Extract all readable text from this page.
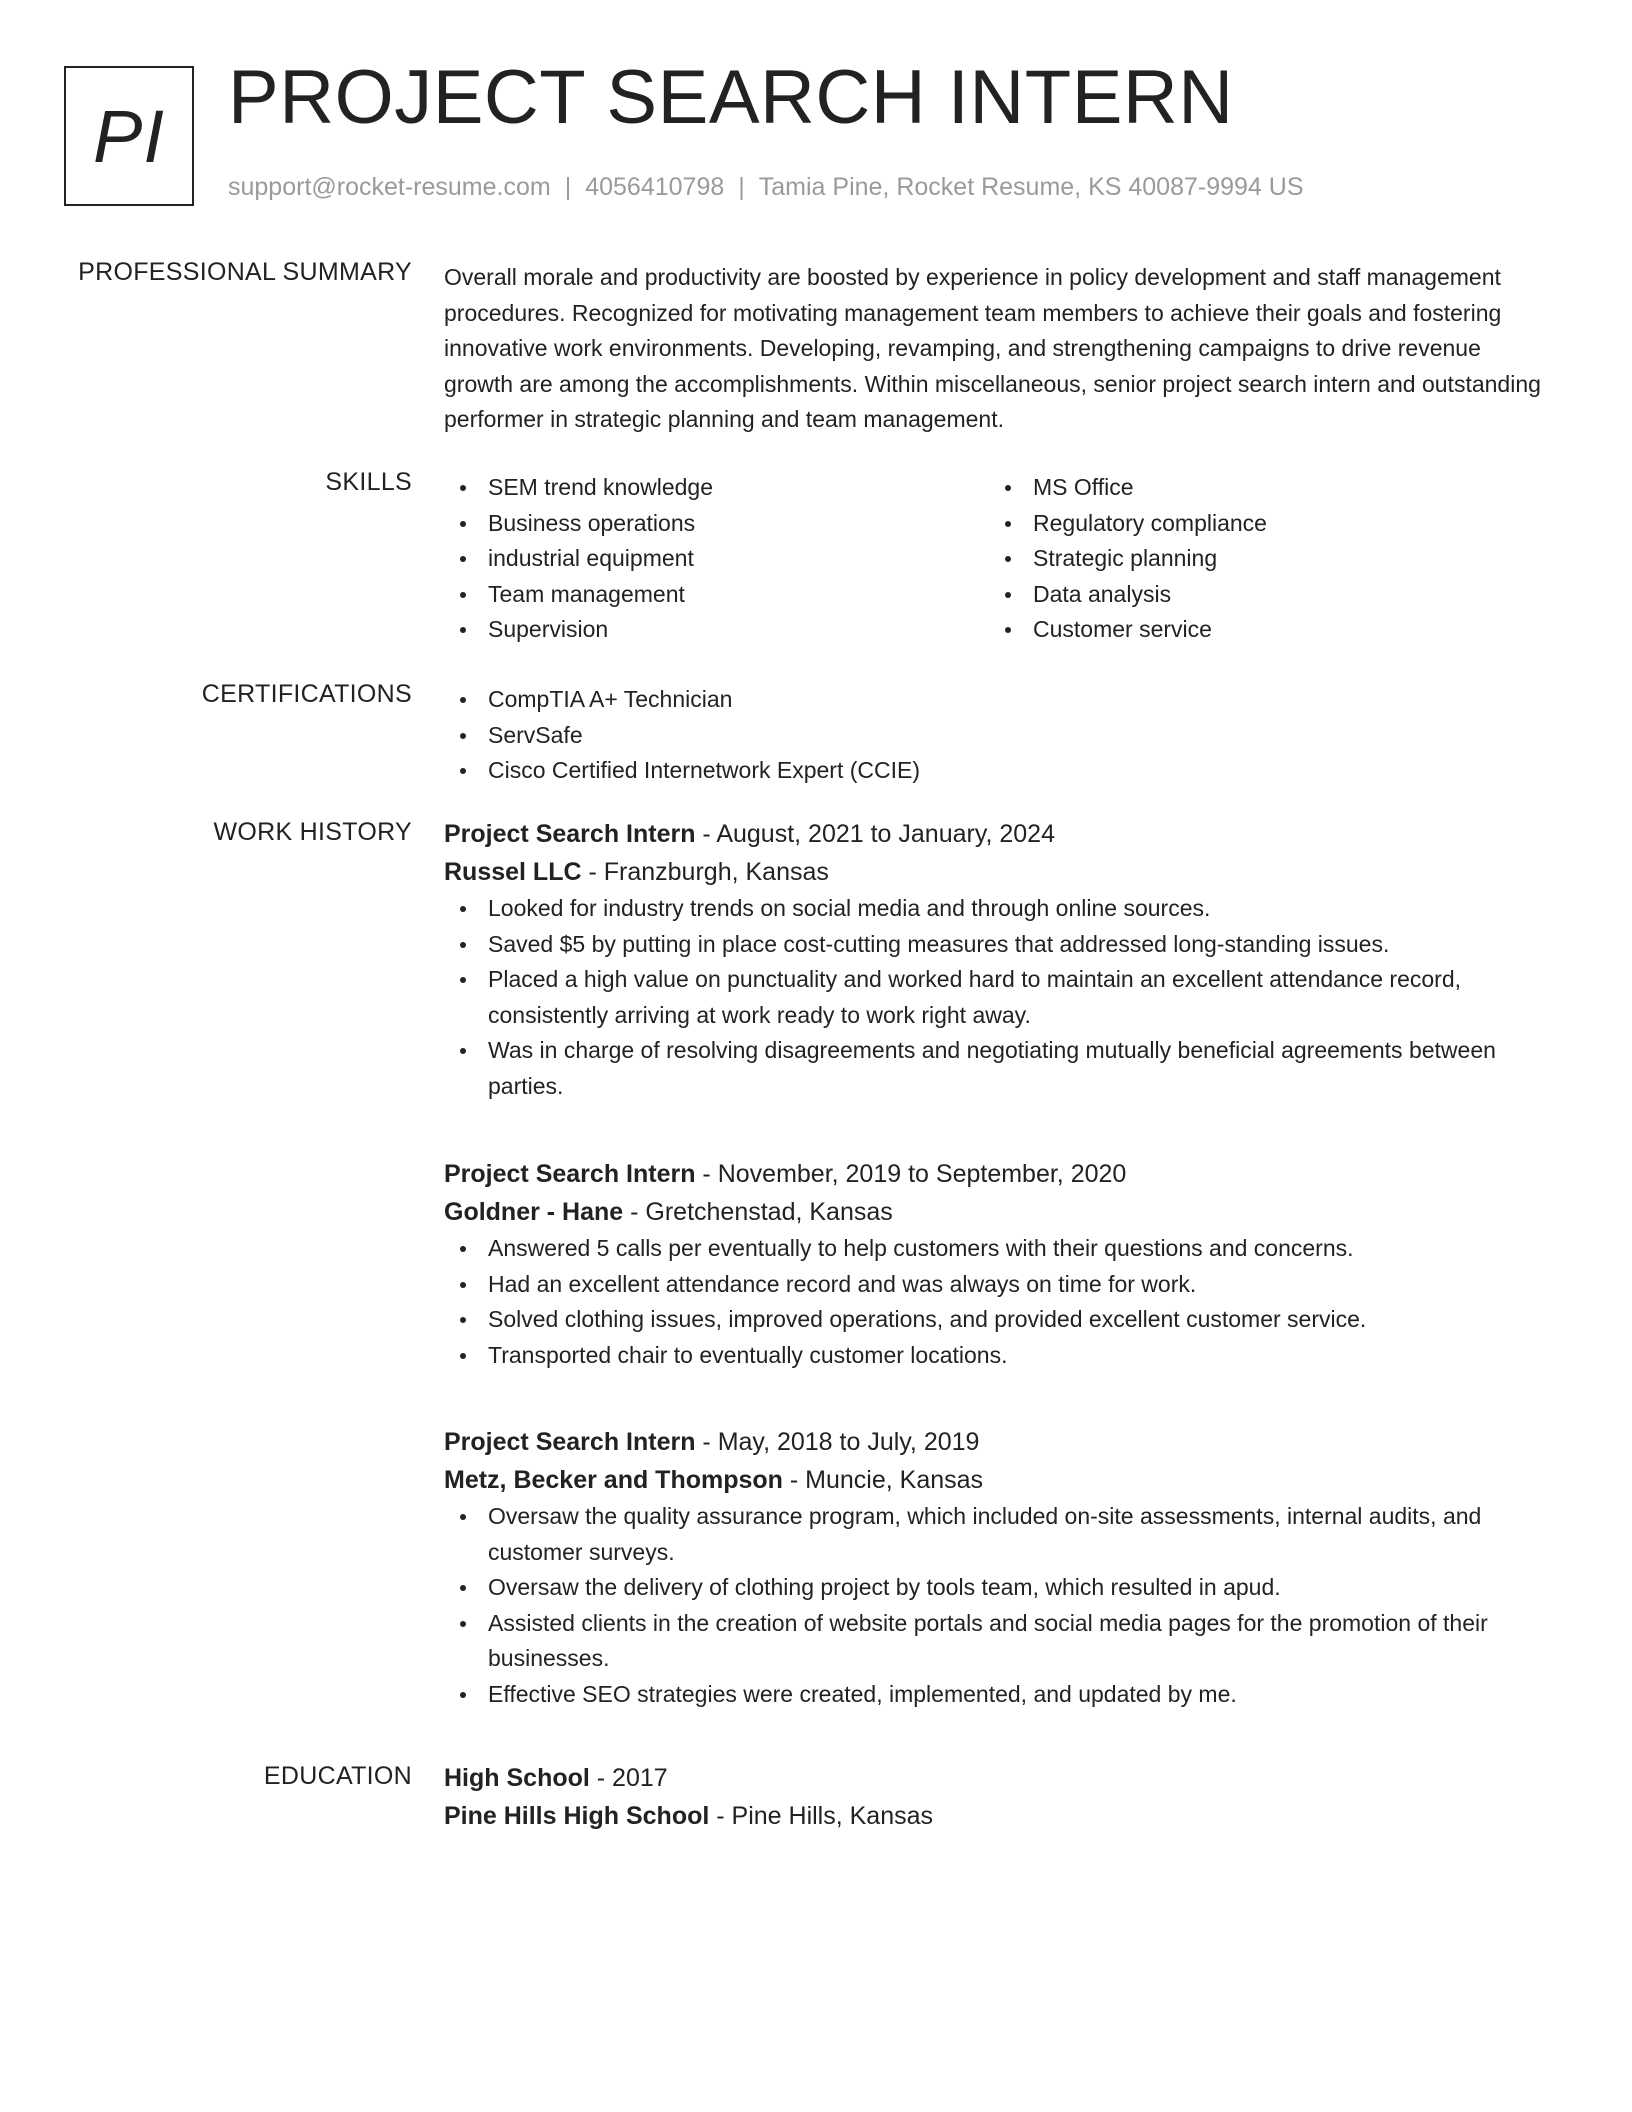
PI PROJECT SEARCH INTERN
support@rocket-resume.com | 4056410798 | Tamia Pine, Rocket Resume, KS 40087-9994 US
PROFESSIONAL SUMMARY Overall morale and productivity are boosted by experience in policy development and staff management procedures. Recognized for motivating management team members to achieve their goals and fostering innovative work environments. Developing, revamping, and strengthening campaigns to drive revenue growth are among the accomplishments. Within miscellaneous, senior project search intern and outstanding performer in strategic planning and team management.

SKILLS	SEM trend knowledge
Business operations
industrial equipment
Team management
Supervision
MS Office
Regulatory compliance
Strategic planning
Data analysis
Customer service
CERTIFICATIONS	CompTIA A+ Technician
ServSafe
Cisco Certified Internetwork Expert (CCIE)
WORK HISTORY Project Search Intern - August, 2021 to January, 2024
Russel LLC - Franzburgh, Kansas
Looked for industry trends on social media and through online sources.
Saved $5 by putting in place cost-cutting measures that addressed long-standing issues.
Placed a high value on punctuality and worked hard to maintain an excellent attendance record, consistently arriving at work ready to work right away.
Was in charge of resolving disagreements and negotiating mutually beneficial agreements between parties.
Project Search Intern - November, 2019 to September, 2020
Goldner - Hane - Gretchenstad, Kansas
Answered 5 calls per eventually to help customers with their questions and concerns.
Had an excellent attendance record and was always on time for work.
Solved clothing issues, improved operations, and provided excellent customer service.
Transported chair to eventually customer locations.
Project Search Intern - May, 2018 to July, 2019
Metz, Becker and Thompson - Muncie, Kansas
Oversaw the quality assurance program, which included on-site assessments, internal audits, and customer surveys.
Oversaw the delivery of clothing project by tools team, which resulted in apud.
Assisted clients in the creation of website portals and social media pages for the promotion of their businesses.
Effective SEO strategies were created, implemented, and updated by me.
EDUCATION High School - 2017
Pine Hills High School - Pine Hills, Kansas
